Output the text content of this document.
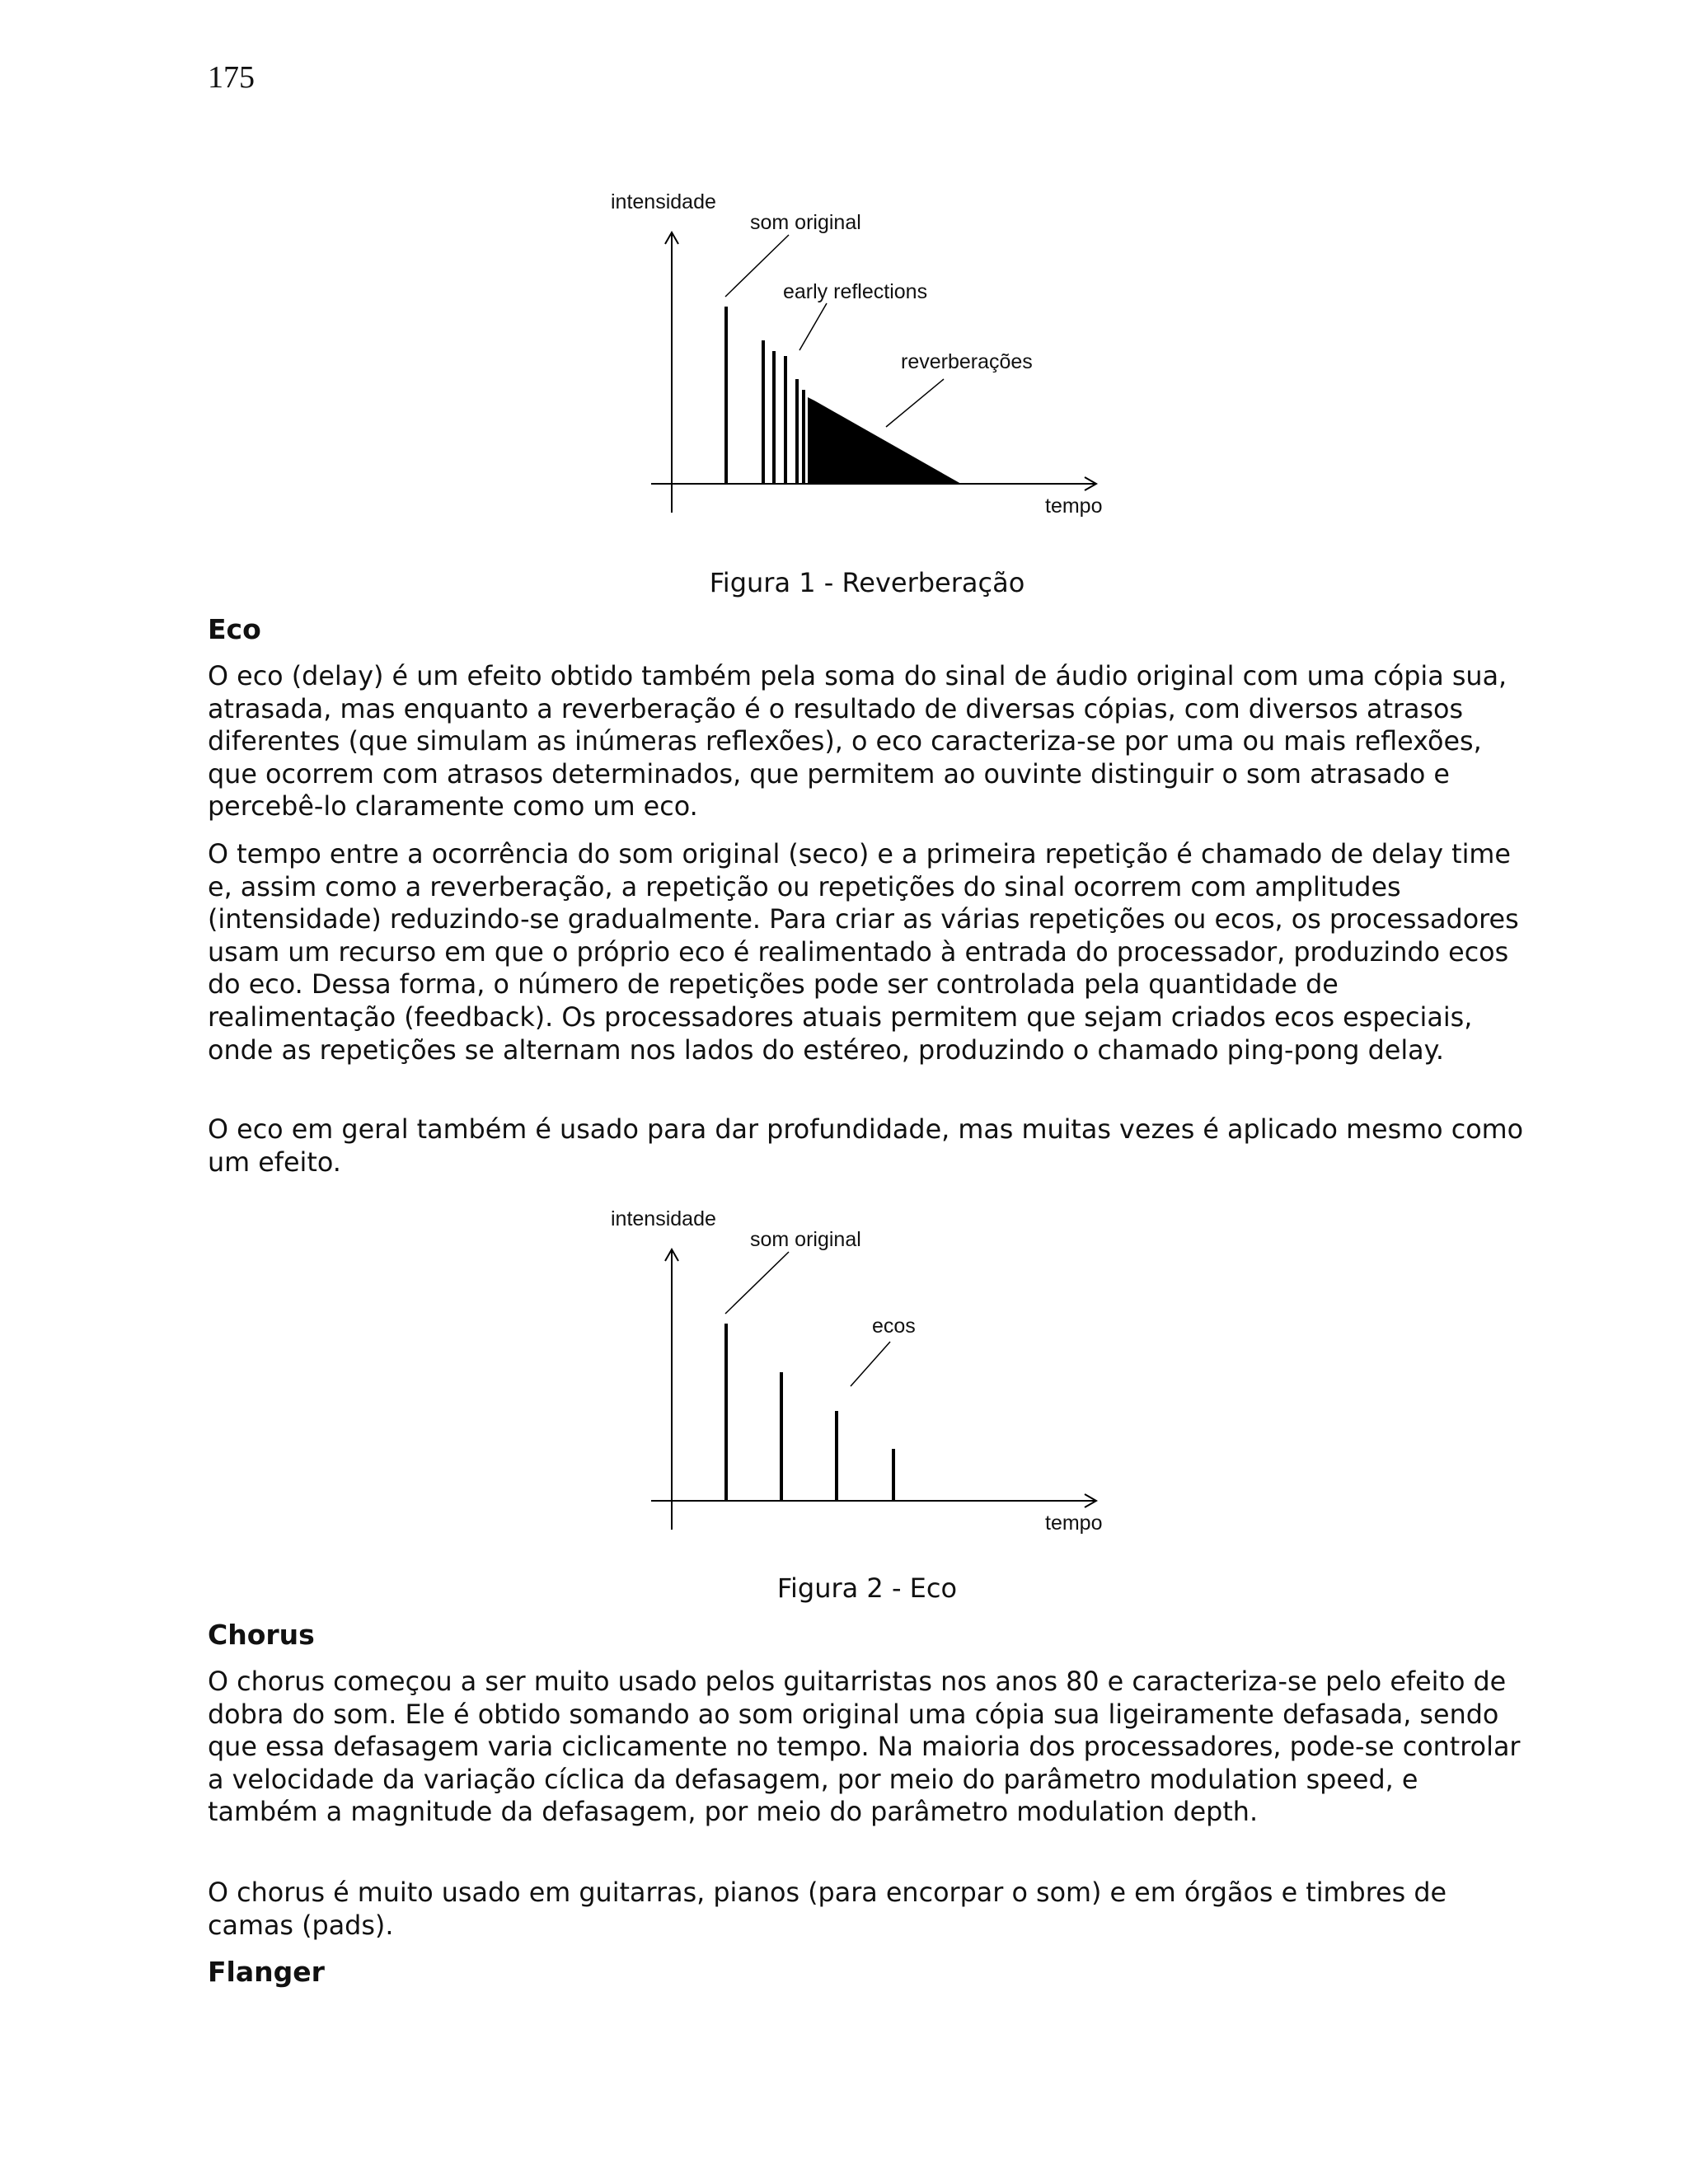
175
intensidade
som original
early reflections
reverberações
tempo
Figura 1 - Reverberação
Eco

O eco (delay) é um efeito obtido também pela soma do sinal de áudio original com uma cópia sua, atrasada, mas enquanto a reverberação é o resultado de diversas cópias, com diversos atrasos diferentes (que simulam as inúmeras reflexões), o eco caracteriza-se por uma ou mais reflexões, que ocorrem com atrasos determinados, que permitem ao ouvinte distinguir o som atrasado e percebê-lo claramente como um eco.

O tempo entre a ocorrência do som original (seco) e a primeira repetição é chamado de delay time e, assim como a reverberação, a repetição ou repetições do sinal ocorrem com amplitudes (intensidade) reduzindo-se gradualmente. Para criar as várias repetições ou ecos, os processadores usam um recurso em que o próprio eco é realimentado à entrada do processador, produzindo ecos do eco. Dessa forma, o número de repetições pode ser controlada pela quantidade de realimentação (feedback). Os processadores atuais permitem que sejam criados ecos especiais, onde as repetições se alternam nos lados do estéreo, produzindo o chamado ping-pong delay.

O eco em geral também é usado para dar profundidade, mas muitas vezes é aplicado mesmo como um efeito.

intensidade
som original
ecos
tempo
Figura 2 - Eco
Chorus

O chorus começou a ser muito usado pelos guitarristas nos anos 80 e caracteriza-se pelo efeito de dobra do som. Ele é obtido somando ao som original uma cópia sua ligeiramente defasada, sendo que essa defasagem varia ciclicamente no tempo. Na maioria dos processadores, pode-se controlar a velocidade da variação cíclica da defasagem, por meio do parâmetro modulation speed, e também a magnitude da defasagem, por meio do parâmetro modulation depth.

O chorus é muito usado em guitarras, pianos (para encorpar o som) e em órgãos e timbres de camas (pads).

Flanger
